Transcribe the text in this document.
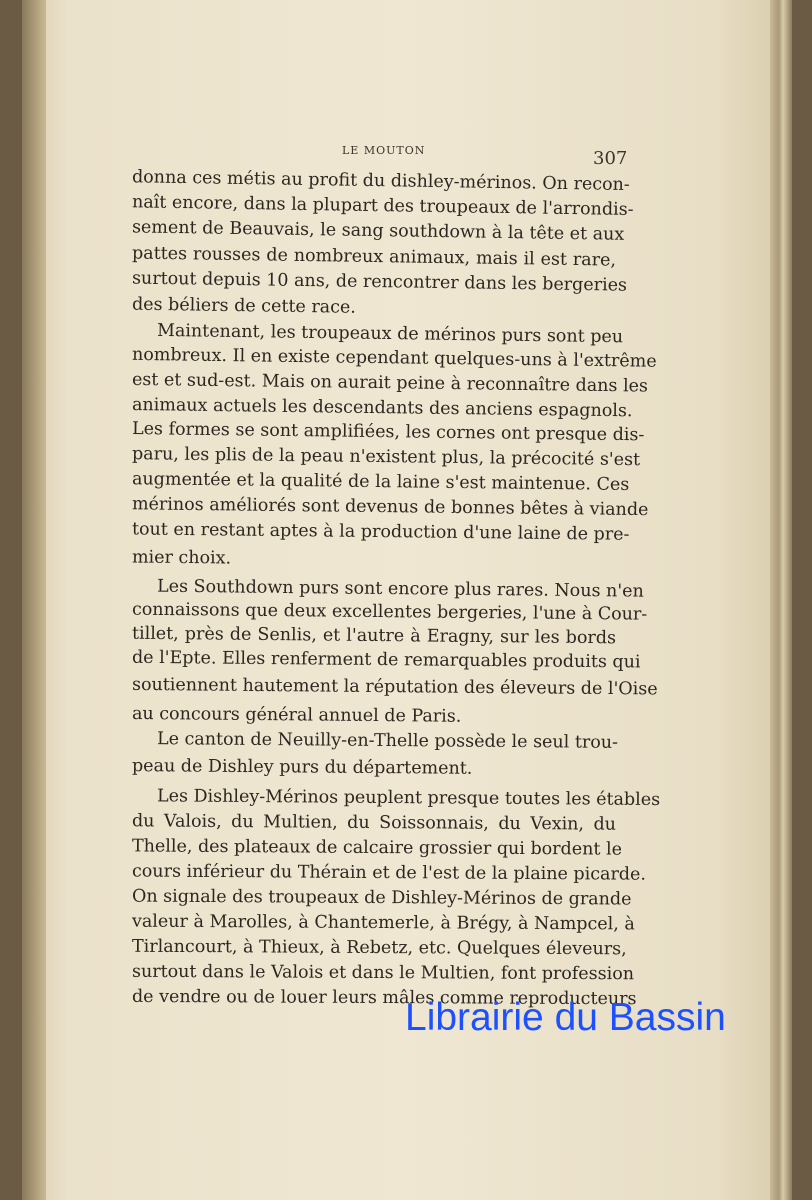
LE MOUTON	307
donna ces métis au profit du dishley-mérinos. On recon-
naît encore, dans la plupart des troupeaux de l'arrondis-
sement de Beauvais, le sang southdown à la tête et aux
pattes rousses de nombreux animaux, mais il est rare,
surtout depuis 10 ans, de rencontrer dans les bergeries
des béliers de cette race.
Maintenant, les troupeaux de mérinos purs sont peu
nombreux. Il en existe cependant quelques-uns à l'extrême
est et sud-est. Mais on aurait peine à reconnaître dans les
animaux actuels les descendants des anciens espagnols.
Les formes se sont amplifiées, les cornes ont presque dis-
paru, les plis de la peau n'existent plus, la précocité s'est
augmentée et la qualité de la laine s'est maintenue. Ces
mérinos améliorés sont devenus de bonnes bêtes à viande
tout en restant aptes à la production d'une laine de pre-
mier choix.
Les Southdown purs sont encore plus rares. Nous n'en
connaissons que deux excellentes bergeries, l'une à Cour-
tillet, près de Senlis, et l'autre à Eragny, sur les bords
de l'Epte. Elles renferment de remarquables produits qui
soutiennent hautement la réputation des éleveurs de l'Oise
au concours général annuel de Paris.
Le canton de Neuilly-en-Thelle possède le seul trou-
peau de Dishley purs du département.
Les Dishley-Mérinos peuplent presque toutes les étables
du Valois, du Multien, du Soissonnais, du Vexin, du
Thelle, des plateaux de calcaire grossier qui bordent le
cours inférieur du Thérain et de l'est de la plaine picarde.
On signale des troupeaux de Dishley-Mérinos de grande
valeur à Marolles, à Chantemerle, à Brégy, à Nampcel, à
Tirlancourt, à Thieux, à Rebetz, etc. Quelques éleveurs,
surtout dans le Valois et dans le Multien, font profession
de vendre ou de louer leurs mâles comme reproducteurs
Librairie du Bassin
